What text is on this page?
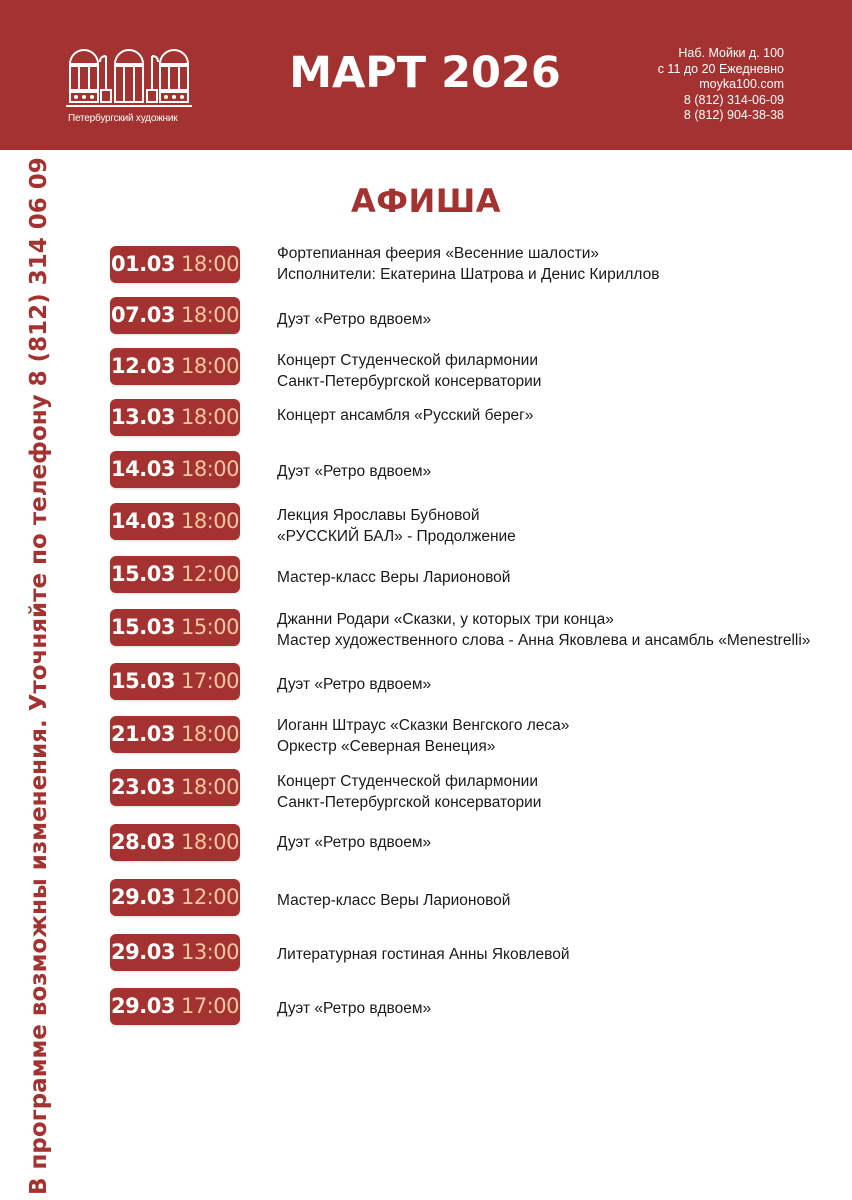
Петербургский художник
МАРТ 2026	Наб. Мойки д. 100
с 11 до 20 Ежедневно
moyka100.com
8 (812) 314-06-09
8 (812) 904-38-38
АФИША
В программе возможны изменения. Уточняйте по телефону 8 (812) 314 06 09	01.03 18:00 Фортепианная феерия «Весенние шалости»
Исполнители: Екатерина Шатрова и Денис Кириллов
07.03 18:00 Дуэт «Ретро вдвоем»
12.03 18:00 Концерт Студенческой филармонии
Санкт-Петербургской консерватории
13.03 18:00 Концерт ансамбля «Русский берег»
14.03 18:00 Дуэт «Ретро вдвоем»
14.03 18:00 Лекция Ярославы Бубновой
«РУССКИЙ БАЛ» - Продолжение
15.03 12:00 Мастер-класс Веры Ларионовой
15.03 15:00 Джанни Родари «Сказки, у которых три конца»
Мастер художественного слова - Анна Яковлева и ансамбль «Menestrelli»
15.03 17:00 Дуэт «Ретро вдвоем»
21.03 18:00 Иоганн Штраус «Сказки Венгского леса»
Оркестр «Северная Венеция»
23.03 18:00 Концерт Студенческой филармонии
Санкт-Петербургской консерватории
28.03 18:00 Дуэт «Ретро вдвоем»
29.03 12:00 Мастер-класс Веры Ларионовой
29.03 13:00 Литературная гостиная Анны Яковлевой
29.03 17:00 Дуэт «Ретро вдвоем»
